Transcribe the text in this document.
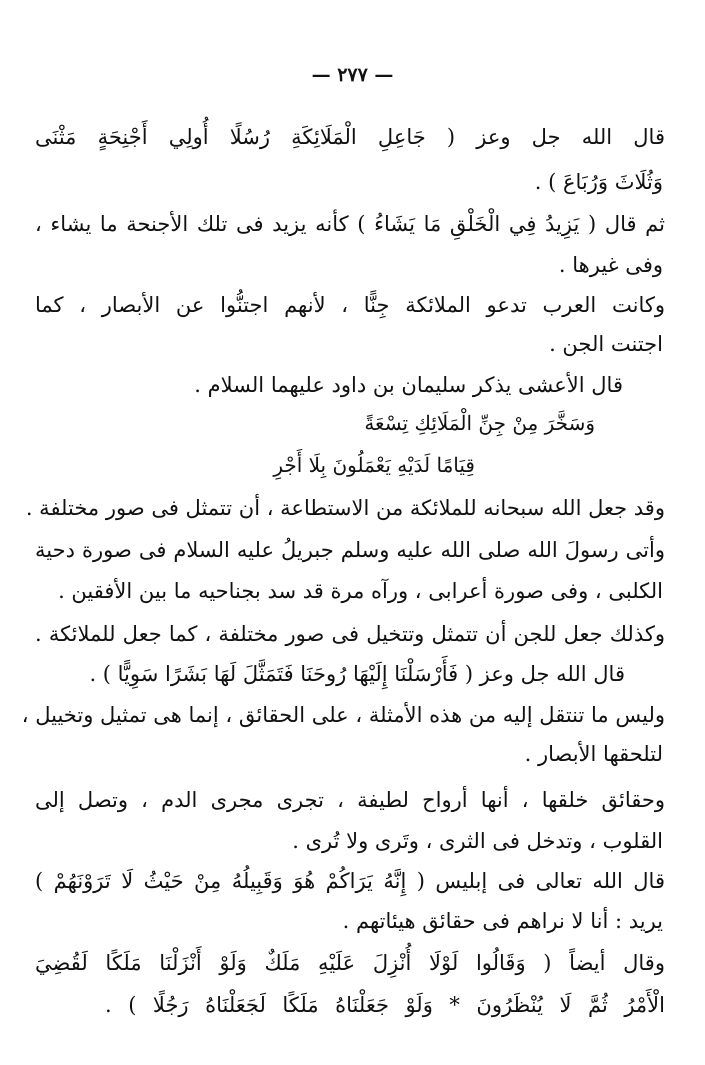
— ٢٧٧ —
قال الله جل وعز ( جَاعِلِ الْمَلَائِكَةِ رُسُلًا أُولِي أَجْنِحَةٍ مَثْنَى
وَثُلَاثَ وَرُبَاعَ ) .
ثم قال ( يَزِيدُ فِي الْخَلْقِ مَا يَشَاءُ ) كأنه يزيد فى تلك الأجنحة ما يشاء ،
وفى غيرها .
وكانت العرب تدعو الملائكة جِنًّا ، لأنهم اجتنُّوا عن الأبصار ، كما
اجتنت الجن .
قال الأعشى يذكر سليمان بن داود عليهما السلام .
وَسَخَّرَ مِنْ جِنِّ الْمَلَائِكِ تِسْعَةً
قِيَامًا لَدَيْهِ يَعْمَلُونَ بِلَا أَجْرِ
وقد جعل الله سبحانه للملائكة من الاستطاعة ، أن تتمثل فى صور مختلفة .
وأتى رسولَ الله صلى الله عليه وسلم جبريلُ عليه السلام فى صورة دحية
الكلبى ، وفى صورة أعرابى ، ورآه مرة قد سد بجناحيه ما بين الأفقين .
وكذلك جعل للجن أن تتمثل وتتخيل فى صور مختلفة ، كما جعل للملائكة .
قال الله جل وعز ( فَأَرْسَلْنَا إِلَيْهَا رُوحَنَا فَتَمَثَّلَ لَهَا بَشَرًا سَوِيًّا ) .
وليس ما تنتقل إليه من هذه الأمثلة ، على الحقائق ، إنما هى تمثيل وتخييل ،
لتلحقها الأبصار .
وحقائق خلقها ، أنها أرواح لطيفة ، تجرى مجرى الدم ، وتصل إلى
القلوب ، وتدخل فى الثرى ، وتَرى ولا تُرى .
قال الله تعالى فى إبليس ( إِنَّهُ يَرَاكُمْ هُوَ وَقَبِيلُهُ مِنْ حَيْثُ لَا تَرَوْنَهُمْ )
يريد : أنا لا نراهم فى حقائق هيئاتهم .
وقال أيضاً ( وَقَالُوا لَوْلَا أُنْزِلَ عَلَيْهِ مَلَكٌ وَلَوْ أَنْزَلْنَا مَلَكًا لَقُضِيَ
الْأَمْرُ ثُمَّ لَا يُنْظَرُونَ * وَلَوْ جَعَلْنَاهُ مَلَكًا لَجَعَلْنَاهُ رَجُلًا ) .
